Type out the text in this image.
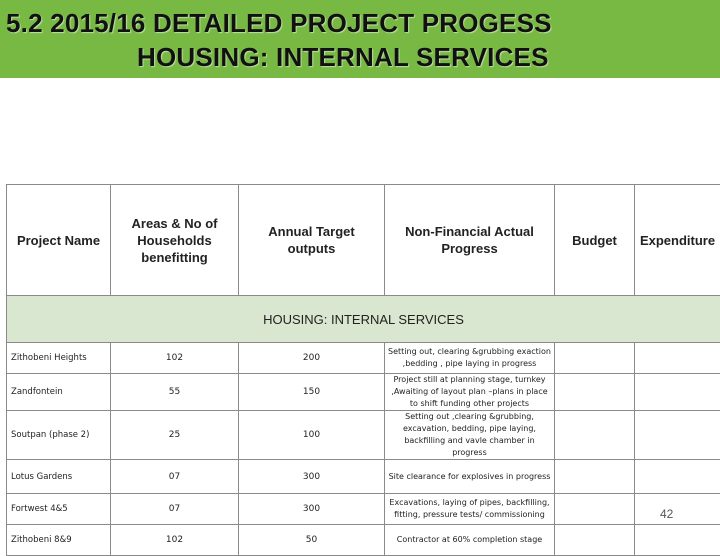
5.2 2015/16 DETAILED PROJECT PROGESS
HOUSING: INTERNAL SERVICES
Project Name	Areas & No of Households benefitting	Annual Target outputs	Non-Financial Actual Progress	Budget	Expenditure
HOUSING: INTERNAL SERVICES					
Zithobeni Heights	102	200	Setting out, clearing &grubbing exaction ,bedding , pipe laying in progress		
Zandfontein	55	150	Project still at planning stage, turnkey ,Awaiting of layout plan –plans in place to shift funding other projects		
Soutpan (phase 2)	25	100	Setting out ,clearing &grubbing, excavation, bedding, pipe laying, backfilling and vavle chamber in progress		
Lotus Gardens	07	300	Site clearance for explosives in progress		
Fortwest 4&5	07	300	Excavations, laying of pipes, backfilling, fitting, pressure tests/ commissioning		
Zithobeni 8&9	102	50	Contractor at 60% completion stage		
42
